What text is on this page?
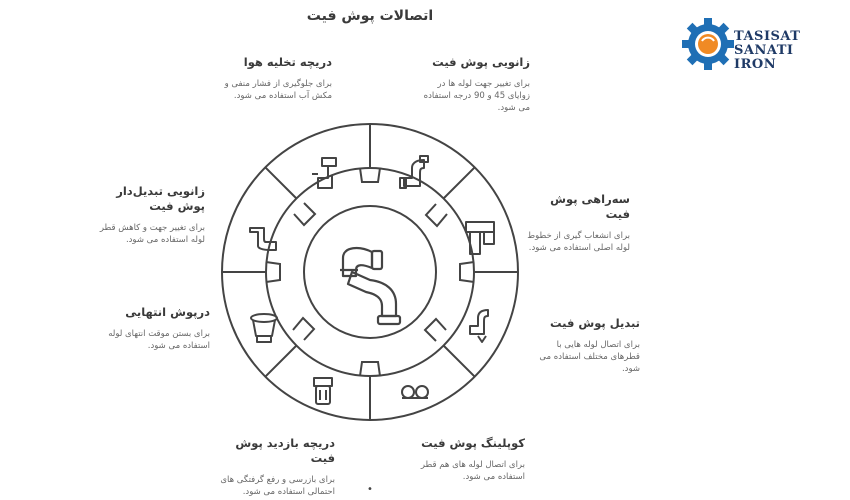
اتصالات پوش فیت
TASISAT
SANATI
IRON
•
زانویی پوش فیت
برای تغییر جهت لوله ها در زوایای 45 و 90 درجه استفاده می شود.
سه‌راهی پوش فیت
برای انشعاب گیری از خطوط لوله اصلی استفاده می شود.
تبدیل پوش فیت
برای اتصال لوله هایی با قطرهای مختلف استفاده می شود.
کوپلینگ پوش فیت
برای اتصال لوله های هم قطر استفاده می شود.
دریچه بازدید پوش فیت
برای بازرسی و رفع گرفتگی های احتمالی استفاده می شود.
درپوش انتهایی
برای بستن موقت انتهای لوله استفاده می شود.
زانویی تبدیل‌دار پوش فیت
برای تغییر جهت و کاهش قطر لوله استفاده می شود.
دریچه تخلیه هوا
برای جلوگیری از فشار منفی و مکش آب استفاده می شود.
